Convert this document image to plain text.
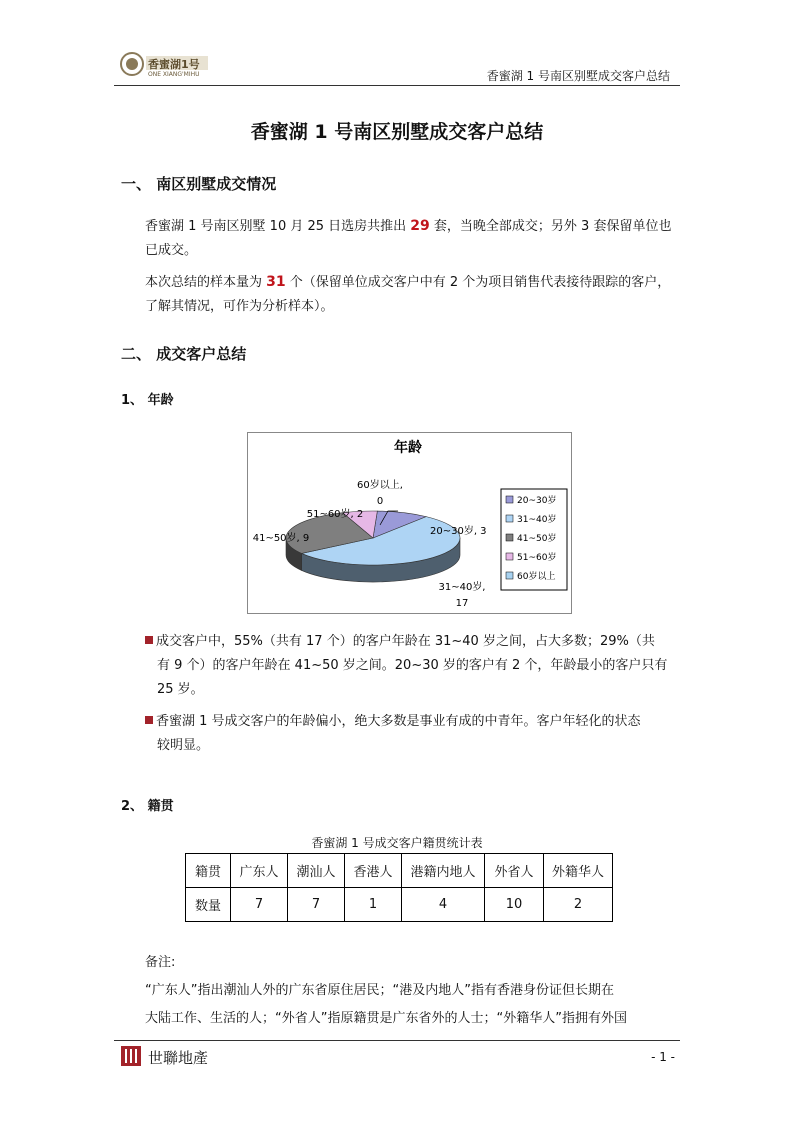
香蜜湖1号
ONE XIANG'MIHU	香蜜湖 1 号南区别墅成交客户总结
香蜜湖 1 号南区别墅成交客户总结
一、 南区别墅成交情况
香蜜湖 1 号南区别墅 10 月 25 日选房共推出 29 套，当晚全部成交；另外 3 套保留单位也已成交。
本次总结的样本量为 31 个（保留单位成交客户中有 2 个为项目销售代表接待跟踪的客户，了解其情况，可作为分析样本）。
二、 成交客户总结
1、 年龄
年龄
20~30岁, 3
31~40岁, 17
41~50岁, 9
51~60岁, 2
60岁以上, 0	20~30岁
31~40岁
41~50岁
51~60岁
60岁以上
成交客户中，55%（共有 17 个）的客户年龄在 31~40 岁之间，占大多数；29%（共
有 9 个）的客户年龄在 41~50 岁之间。20~30 岁的客户有 2 个，年龄最小的客户只有
25 岁。
香蜜湖 1 号成交客户的年龄偏小，绝大多数是事业有成的中青年。客户年轻化的状态
较明显。
2、 籍贯
香蜜湖 1 号成交客户籍贯统计表
籍贯	广东人	潮汕人	香港人	港籍内地人	外省人	外籍华人
数量	7	7	1	4	10	2
备注:
“广东人”指出潮汕人外的广东省原住居民；“港及内地人”指有香港身份证但长期在
大陆工作、生活的人；“外省人”指原籍贯是广东省外的人士；“外籍华人”指拥有外国
世聯地產	- 1 -
